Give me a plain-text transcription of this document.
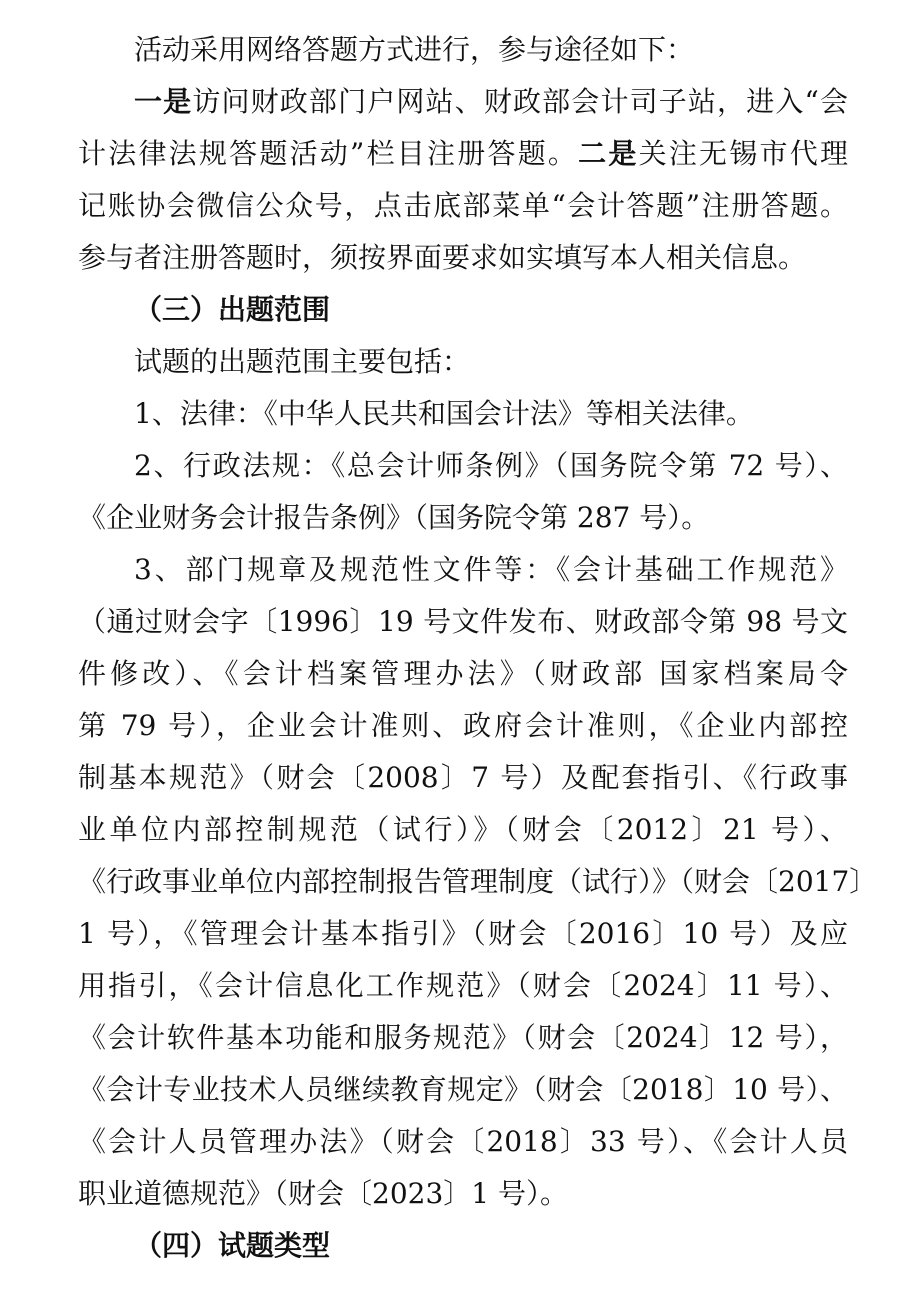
活动采用网络答题方式进行，参与途径如下：
一是访问财政部门户网站、财政部会计司子站，进入“会
计法律法规答题活动”栏目注册答题。二是关注无锡市代理
记账协会微信公众号，点击底部菜单“会计答题”注册答题。
参与者注册答题时，须按界面要求如实填写本人相关信息。
（三）出题范围
试题的出题范围主要包括：
1、法律：《中华人民共和国会计法》等相关法律。
2、行政法规：《总会计师条例》（国务院令第 72 号）、
《企业财务会计报告条例》（国务院令第 287 号）。
3、部门规章及规范性文件等：《会计基础工作规范》
（通过财会字〔1996〕19 号文件发布、财政部令第 98 号文
件修改）、《会计档案管理办法》（财政部 国家档案局令
第 79 号），企业会计准则、政府会计准则，《企业内部控
制基本规范》（财会〔2008〕7 号）及配套指引、《行政事
业单位内部控制规范（试行）》（财会〔2012〕21 号）、
《行政事业单位内部控制报告管理制度（试行）》（财会〔2017〕
1 号），《管理会计基本指引》（财会〔2016〕10 号）及应
用指引，《会计信息化工作规范》（财会〔2024〕11 号）、
《会计软件基本功能和服务规范》（财会〔2024〕12 号），
《会计专业技术人员继续教育规定》（财会〔2018〕10 号）、
《会计人员管理办法》（财会〔2018〕33 号）、《会计人员
职业道德规范》（财会〔2023〕1 号）。
（四）试题类型
